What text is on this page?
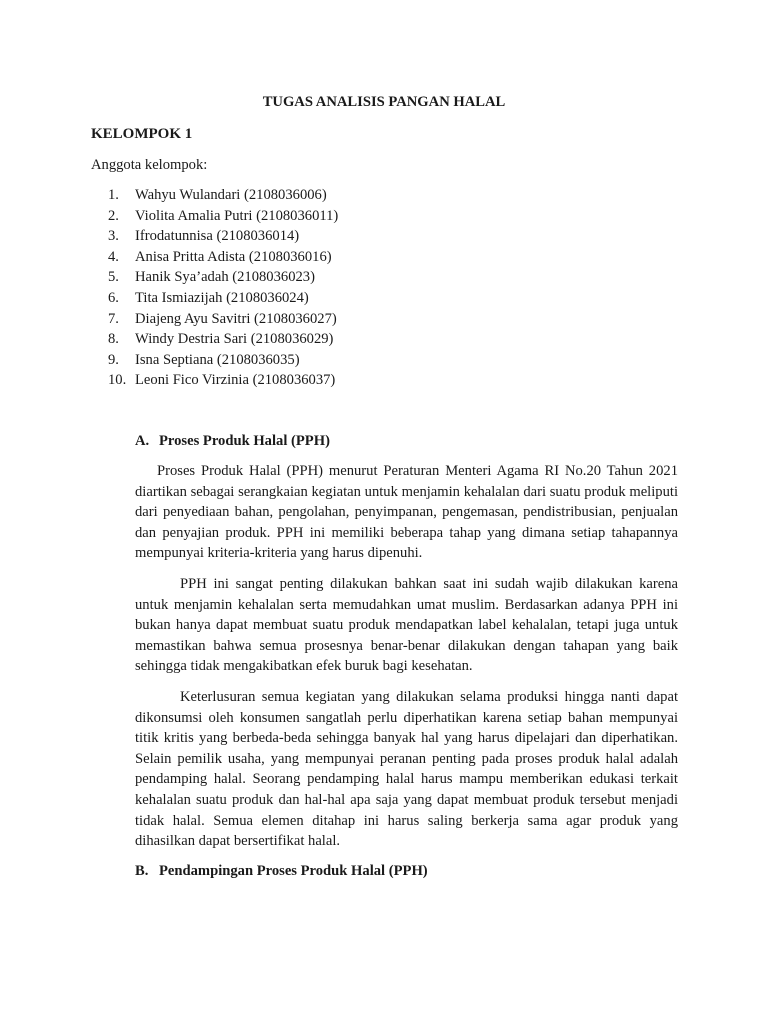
TUGAS ANALISIS PANGAN HALAL
KELOMPOK 1
Anggota kelompok:
1. Wahyu Wulandari (2108036006)
2. Violita Amalia Putri (2108036011)
3. Ifrodatunnisa (2108036014)
4. Anisa Pritta Adista (2108036016)
5. Hanik Sya’adah (2108036023)
6. Tita Ismiazijah (2108036024)
7. Diajeng Ayu Savitri (2108036027)
8. Windy Destria Sari (2108036029)
9. Isna Septiana (2108036035)
10. Leoni Fico Virzinia (2108036037)
A. Proses Produk Halal (PPH)

Proses Produk Halal (PPH) menurut Peraturan Menteri Agama RI No.20 Tahun 2021 diartikan sebagai serangkaian kegiatan untuk menjamin kehalalan dari suatu produk meliputi dari penyediaan bahan, pengolahan, penyimpanan, pengemasan, pendistribusian, penjualan dan penyajian produk. PPH ini memiliki beberapa tahap yang dimana setiap tahapannya mempunyai kriteria-kriteria yang harus dipenuhi.

PPH ini sangat penting dilakukan bahkan saat ini sudah wajib dilakukan karena untuk menjamin kehalalan serta memudahkan umat muslim. Berdasarkan adanya PPH ini bukan hanya dapat membuat suatu produk mendapatkan label kehalalan, tetapi juga untuk memastikan bahwa semua prosesnya benar-benar dilakukan dengan tahapan yang baik sehingga tidak mengakibatkan efek buruk bagi kesehatan.

Keterlusuran semua kegiatan yang dilakukan selama produksi hingga nanti dapat dikonsumsi oleh konsumen sangatlah perlu diperhatikan karena setiap bahan mempunyai titik kritis yang berbeda-beda sehingga banyak hal yang harus dipelajari dan diperhatikan. Selain pemilik usaha, yang mempunyai peranan penting pada proses produk halal adalah pendamping halal. Seorang pendamping halal harus mampu memberikan edukasi terkait kehalalan suatu produk dan hal-hal apa saja yang dapat membuat produk tersebut menjadi tidak halal. Semua elemen ditahap ini harus saling berkerja sama agar produk yang dihasilkan dapat bersertifikat halal.

B. Pendampingan Proses Produk Halal (PPH)
